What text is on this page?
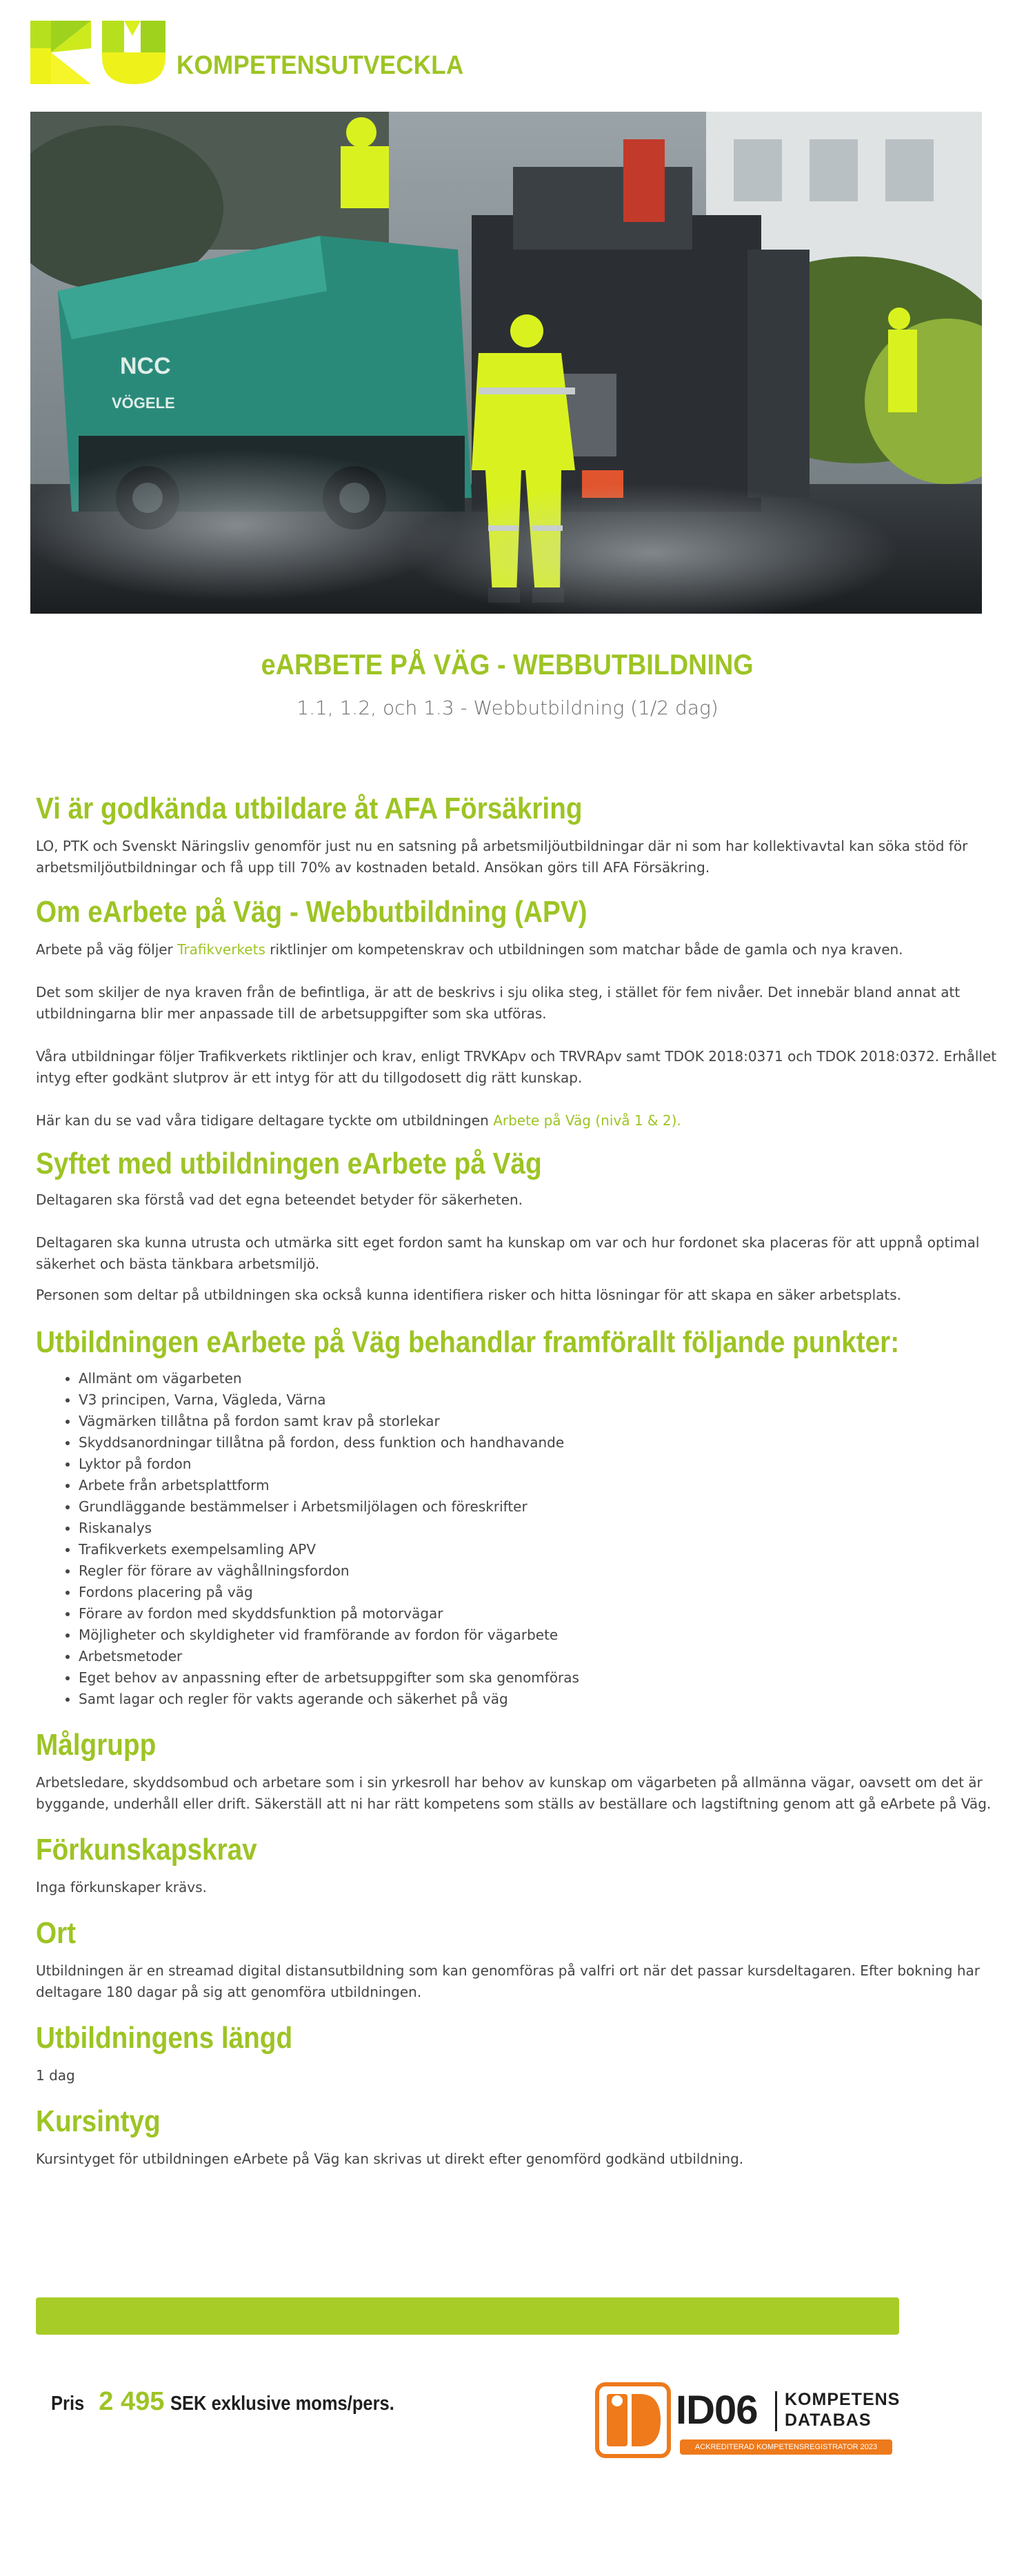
KOMPETENSUTVECKLA
NCC
VÖGELE
eARBETE PÅ VÄG - WEBBUTBILDNING
1.1, 1.2, och 1.3 - Webbutbildning (1/2 dag)
Vi är godkända utbildare åt AFA Försäkring

LO, PTK och Svenskt Näringsliv genomför just nu en satsning på arbetsmiljöutbildningar där ni som har kollektivavtal kan söka stöd för arbetsmiljöutbildningar och få upp till 70% av kostnaden betald. Ansökan görs till AFA Försäkring.

Om eArbete på Väg - Webbutbildning (APV)

Arbete på väg följer Trafikverkets riktlinjer om kompetenskrav och utbildningen som matchar både de gamla och nya kraven.

Det som skiljer de nya kraven från de befintliga, är att de beskrivs i sju olika steg, i stället för fem nivåer. Det innebär bland annat att utbildningarna blir mer anpassade till de arbetsuppgifter som ska utföras.

Våra utbildningar följer Trafikverkets riktlinjer och krav, enligt TRVKApv och TRVRApv samt TDOK 2018:0371 och TDOK 2018:0372. Erhållet intyg efter godkänt slutprov är ett intyg för att du tillgodosett dig rätt kunskap.

Här kan du se vad våra tidigare deltagare tyckte om utbildningen Arbete på Väg (nivå 1 & 2).

Syftet med utbildningen eArbete på Väg

Deltagaren ska förstå vad det egna beteendet betyder för säkerheten.

Deltagaren ska kunna utrusta och utmärka sitt eget fordon samt ha kunskap om var och hur fordonet ska placeras för att uppnå optimal säkerhet och bästa tänkbara arbetsmiljö.

Personen som deltar på utbildningen ska också kunna identifiera risker och hitta lösningar för att skapa en säker arbetsplats.

Utbildningen eArbete på Väg behandlar framförallt följande punkter:
• Allmänt om vägarbeten
• V3 principen, Varna, Vägleda, Värna
• Vägmärken tillåtna på fordon samt krav på storlekar
• Skyddsanordningar tillåtna på fordon, dess funktion och handhavande
• Lyktor på fordon
• Arbete från arbetsplattform
• Grundläggande bestämmelser i Arbetsmiljölagen och föreskrifter
• Riskanalys
• Trafikverkets exempelsamling APV
• Regler för förare av väghållningsfordon
• Fordons placering på väg
• Förare av fordon med skyddsfunktion på motorvägar
• Möjligheter och skyldigheter vid framförande av fordon för vägarbete
• Arbetsmetoder
• Eget behov av anpassning efter de arbetsuppgifter som ska genomföras
• Samt lagar och regler för vakts agerande och säkerhet på väg
Målgrupp

Arbetsledare, skyddsombud och arbetare som i sin yrkesroll har behov av kunskap om vägarbeten på allmänna vägar, oavsett om det är byggande, underhåll eller drift. Säkerställ att ni har rätt kompetens som ställs av beställare och lagstiftning genom att gå eArbete på Väg.

Förkunskapskrav

Inga förkunskaper krävs.

Ort

Utbildningen är en streamad digital distansutbildning som kan genomföras på valfri ort när det passar kursdeltagaren. Efter bokning har deltagare 180 dagar på sig att genomföra utbildningen.

Utbildningens längd

1 dag

Kursintyg

Kursintyget för utbildningen eArbete på Väg kan skrivas ut direkt efter genomförd godkänd utbildning.

Pris 2 495 SEK exklusive moms/pers.	ID06 KOMPETENS
DATABAS
ACKREDITERAD KOMPETENSREGISTRATOR 2023
